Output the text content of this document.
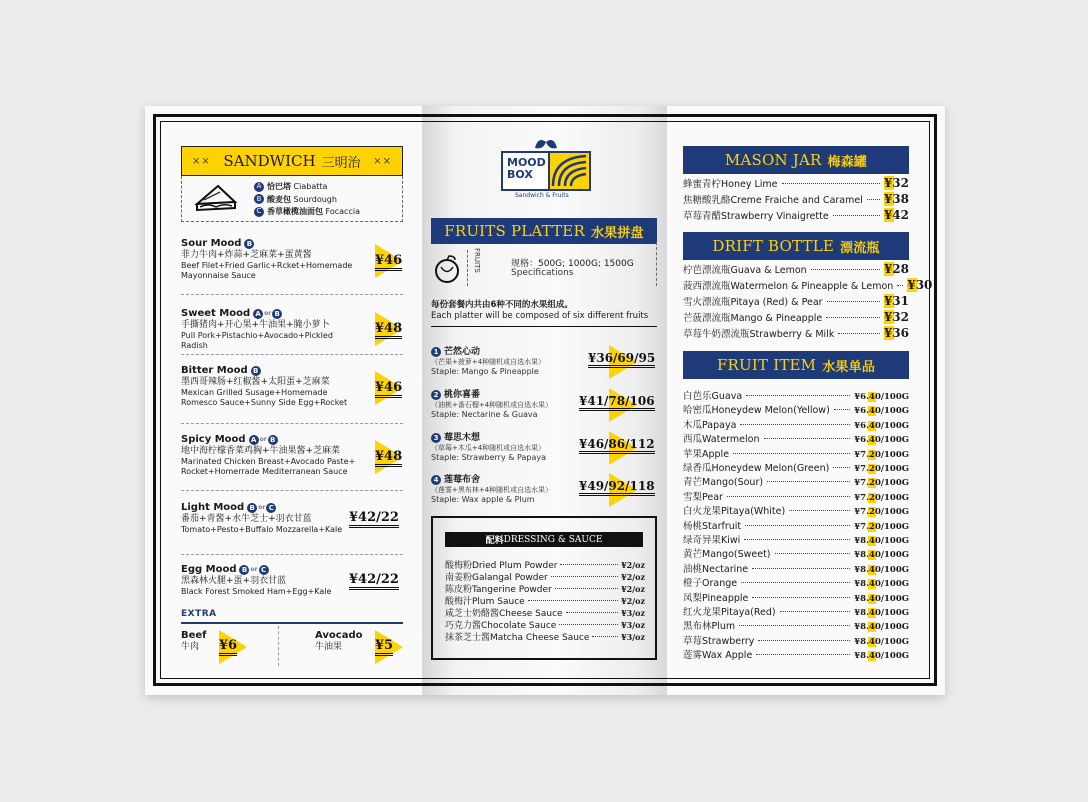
×× SANDWICH 三明治 ××
A 恰巴塔 Ciabatta
B 酸麦包 Sourdough
C 香草橄榄油面包 Focaccia
Sour Mood B
菲力牛肉+炸蒜+芝麻菜+蛋黄酱
Beef Filet+Fried Garlic+Rcket+Homemade Mayonnaise Sauce
¥46
Sweet Mood A or B
手撕猪肉+开心果+牛油果+腌小萝卜
Pull Pork+Pistachio+Avocado+Pickled Radish
¥48
Bitter Mood B
墨西哥辣肠+红椒酱+太阳蛋+芝麻菜
Mexican Grilled Susage+Homemade Romesco Sauce+Sunny Side Egg+Rocket
¥46
Spicy Mood A or B
地中海柠檬香菜鸡胸+牛油果酱+芝麻菜
Marinated Chicken Breast+Avocado Paste+ Rocket+Homerrade Mediterranean Sauce
¥48
Light Mood B or C
番茄+青酱+水牛芝士+羽衣甘蓝
Tomato+Pesto+Buffalo Mozzarella+Kale
¥42/22
Egg Mood B or C
黑森林火腿+蛋+羽衣甘蓝
Black Forest Smoked Ham+Egg+Kale
¥42/22
EXTRA
Beef
牛肉	¥6
Avocado
牛油果	¥5
MOOD
BOX
Sandwich & Fruits
FRUITS PLATTER 水果拼盘
FRUITS	规格：500G; 1000G; 1500G
Specifications
每份套餐内共由6种不同的水果组成。
Each platter will be composed of six different fruits
1 芒然心动
（芒果+菠萝+4种随机或自选水果）
Staple: Mango & Pineapple
¥36/69/95
2 桃你喜番
（油桃+番石榴+4种随机或自选水果）
Staple: Nectarine & Guava
¥41/78/106
3 莓思木想
（草莓+木瓜+4种随机或自选水果）
Staple: Strawberry & Papaya
¥46/86/112
4 莲莓布舍
（莲雾+黑布林+4种随机或自选水果）
Staple: Wax apple & Plum
¥49/92/118
配料 DRESSING & SAUCE
酸梅粉Dried Plum Powder	¥2/oz
南姜粉Galangal Powder	¥2/oz
陈皮粉Tangerine Powder	¥2/oz
酸梅汁Plum Sauce	¥2/oz
咸芝士奶酪酱Cheese Sauce	¥3/oz
巧克力酱Chocolate Sauce	¥3/oz
抹茶芝士酱Matcha Cheese Sauce	¥3/oz
MASON JAR 梅森罐
蜂蜜青柠Honey Lime	¥32
焦糖酸乳酪Creme Fraiche and Caramel ¥38
草莓青醋Strawberry Vinaigrette	¥42
DRIFT BOTTLE 漂流瓶
柠芭漂流瓶Guava & Lemon	¥28
菠西漂流瓶Watermelon & Pineapple & Lemon ¥30
雪火漂流瓶Pitaya (Red) & Pear	¥31
芒菠漂流瓶Mango & Pineapple	¥32
草莓牛奶漂流瓶Strawberry & Milk	¥36
FRUIT ITEM 水果单品
白芭乐Guava	¥6.40/100G
哈密瓜Honeydew Melon(Yellow)	¥6.40/100G
木瓜Papaya	¥6.40/100G
西瓜Watermelon	¥6.40/100G
苹果Apple	¥7.20/100G
绿香瓜Honeydew Melon(Green)	¥7.20/100G
青芒Mango(Sour)	¥7.20/100G
雪梨Pear	¥7.20/100G
白火龙果Pitaya(White)	¥7.20/100G
杨桃Starfruit	¥7.20/100G
绿奇异果Kiwi	¥8.40/100G
黄芒Mango(Sweet)	¥8.40/100G
油桃Nectarine	¥8.40/100G
橙子Orange	¥8.40/100G
凤梨Pineapple	¥8.40/100G
红火龙果Pitaya(Red)	¥8.40/100G
黑布林Plum	¥8.40/100G
草莓Strawberry	¥8.40/100G
莲雾Wax Apple	¥8.40/100G
